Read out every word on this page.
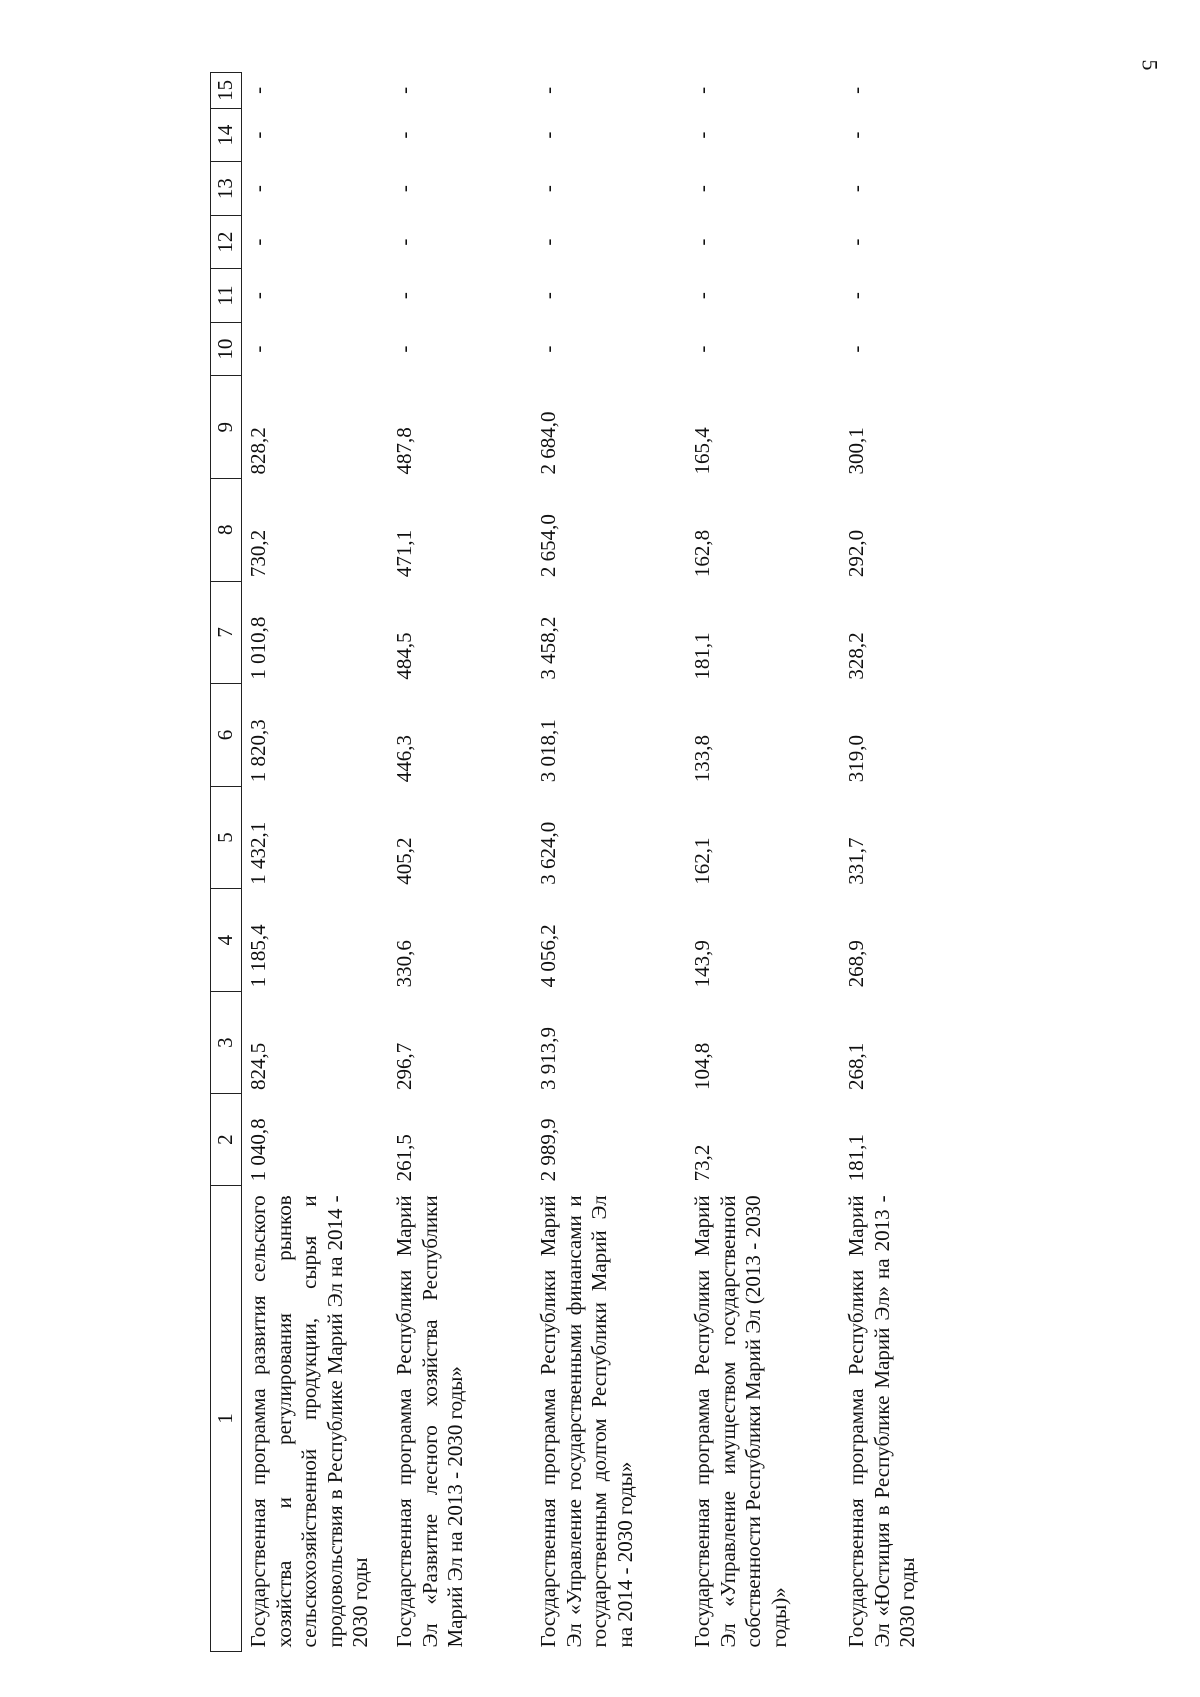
5
1	2	3	4	5	6	7	8	9	10	11	12	13	14	15
Государственная программа развития сельского хозяйства и регулирования рынков сельскохозяйственной продукции, сырья и продовольствия в Республике Марий Эл на 2014 - 2030 годы	1 040,8	824,5	1 185,4	1 432,1	1 820,3	1 010,8	730,2	828,2	-	-	-	-	-	-
Государственная программа Республики Марий Эл «Развитие лесного хозяйства Республики Марий Эл на 2013 - 2030 годы»	261,5	296,7	330,6	405,2	446,3	484,5	471,1	487,8	-	-	-	-	-	-
Государственная программа Республики Марий Эл «Управление государственными финансами и государственным долгом Республики Марий Эл на 2014 - 2030 годы»	2 989,9	3 913,9	4 056,2	3 624,0	3 018,1	3 458,2	2 654,0	2 684,0	-	-	-	-	-	-
Государственная программа Республики Марий Эл «Управление имуществом государственной собственности Республики Марий Эл (2013 - 2030 годы)»	73,2	104,8	143,9	162,1	133,8	181,1	162,8	165,4	-	-	-	-	-	-
Государственная программа Республики Марий Эл «Юстиция в Республике Марий Эл» на 2013 - 2030 годы	181,1	268,1	268,9	331,7	319,0	328,2	292,0	300,1	-	-	-	-	-	-
